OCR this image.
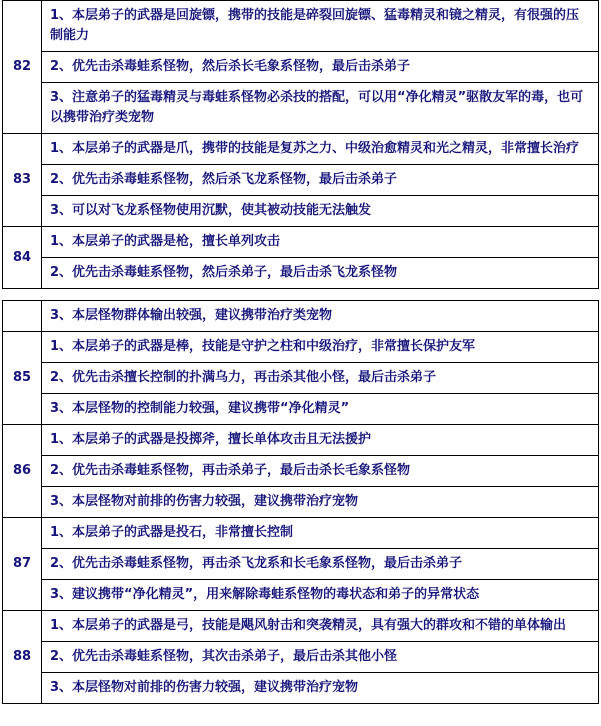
82	1、本层弟子的武器是回旋镖，携带的技能是碎裂回旋镖、猛毒精灵和镜之精灵，有很强的压制能力
	2、优先击杀毒蛙系怪物，然后杀长毛象系怪物，最后击杀弟子
	3、注意弟子的猛毒精灵与毒蛙系怪物必杀技的搭配，可以用“净化精灵”驱散友军的毒，也可以携带治疗类宠物
83	1、本层弟子的武器是爪，携带的技能是复苏之力、中级治愈精灵和光之精灵，非常擅长治疗
	2、优先击杀毒蛙系怪物，然后杀飞龙系怪物，最后击杀弟子
	3、可以对飞龙系怪物使用沉默，使其被动技能无法触发
84	1、本层弟子的武器是枪，擅长单列攻击
	2、优先击杀毒蛙系怪物，然后杀弟子，最后击杀飞龙系怪物
	3、本层怪物群体输出较强，建议携带治疗类宠物
85	1、本层弟子的武器是棒，技能是守护之柱和中级治疗，非常擅长保护友军
	2、优先击杀擅长控制的扑满乌力，再击杀其他小怪，最后击杀弟子
	3、本层怪物的控制能力较强，建议携带“净化精灵”
86	1、本层弟子的武器是投掷斧，擅长单体攻击且无法援护
	2、优先击杀毒蛙系怪物，再击杀弟子，最后击杀长毛象系怪物
	3、本层怪物对前排的伤害力较强，建议携带治疗宠物
87	1、本层弟子的武器是投石，非常擅长控制
	2、优先击杀毒蛙系怪物，再击杀飞龙系和长毛象系怪物，最后击杀弟子
	3、建议携带“净化精灵”，用来解除毒蛙系怪物的毒状态和弟子的异常状态
88	1、本层弟子的武器是弓，技能是飓风射击和突袭精灵，具有强大的群攻和不错的单体输出
	2、优先击杀毒蛙系怪物，其次击杀弟子，最后击杀其他小怪
	3、本层怪物对前排的伤害力较强，建议携带治疗宠物
